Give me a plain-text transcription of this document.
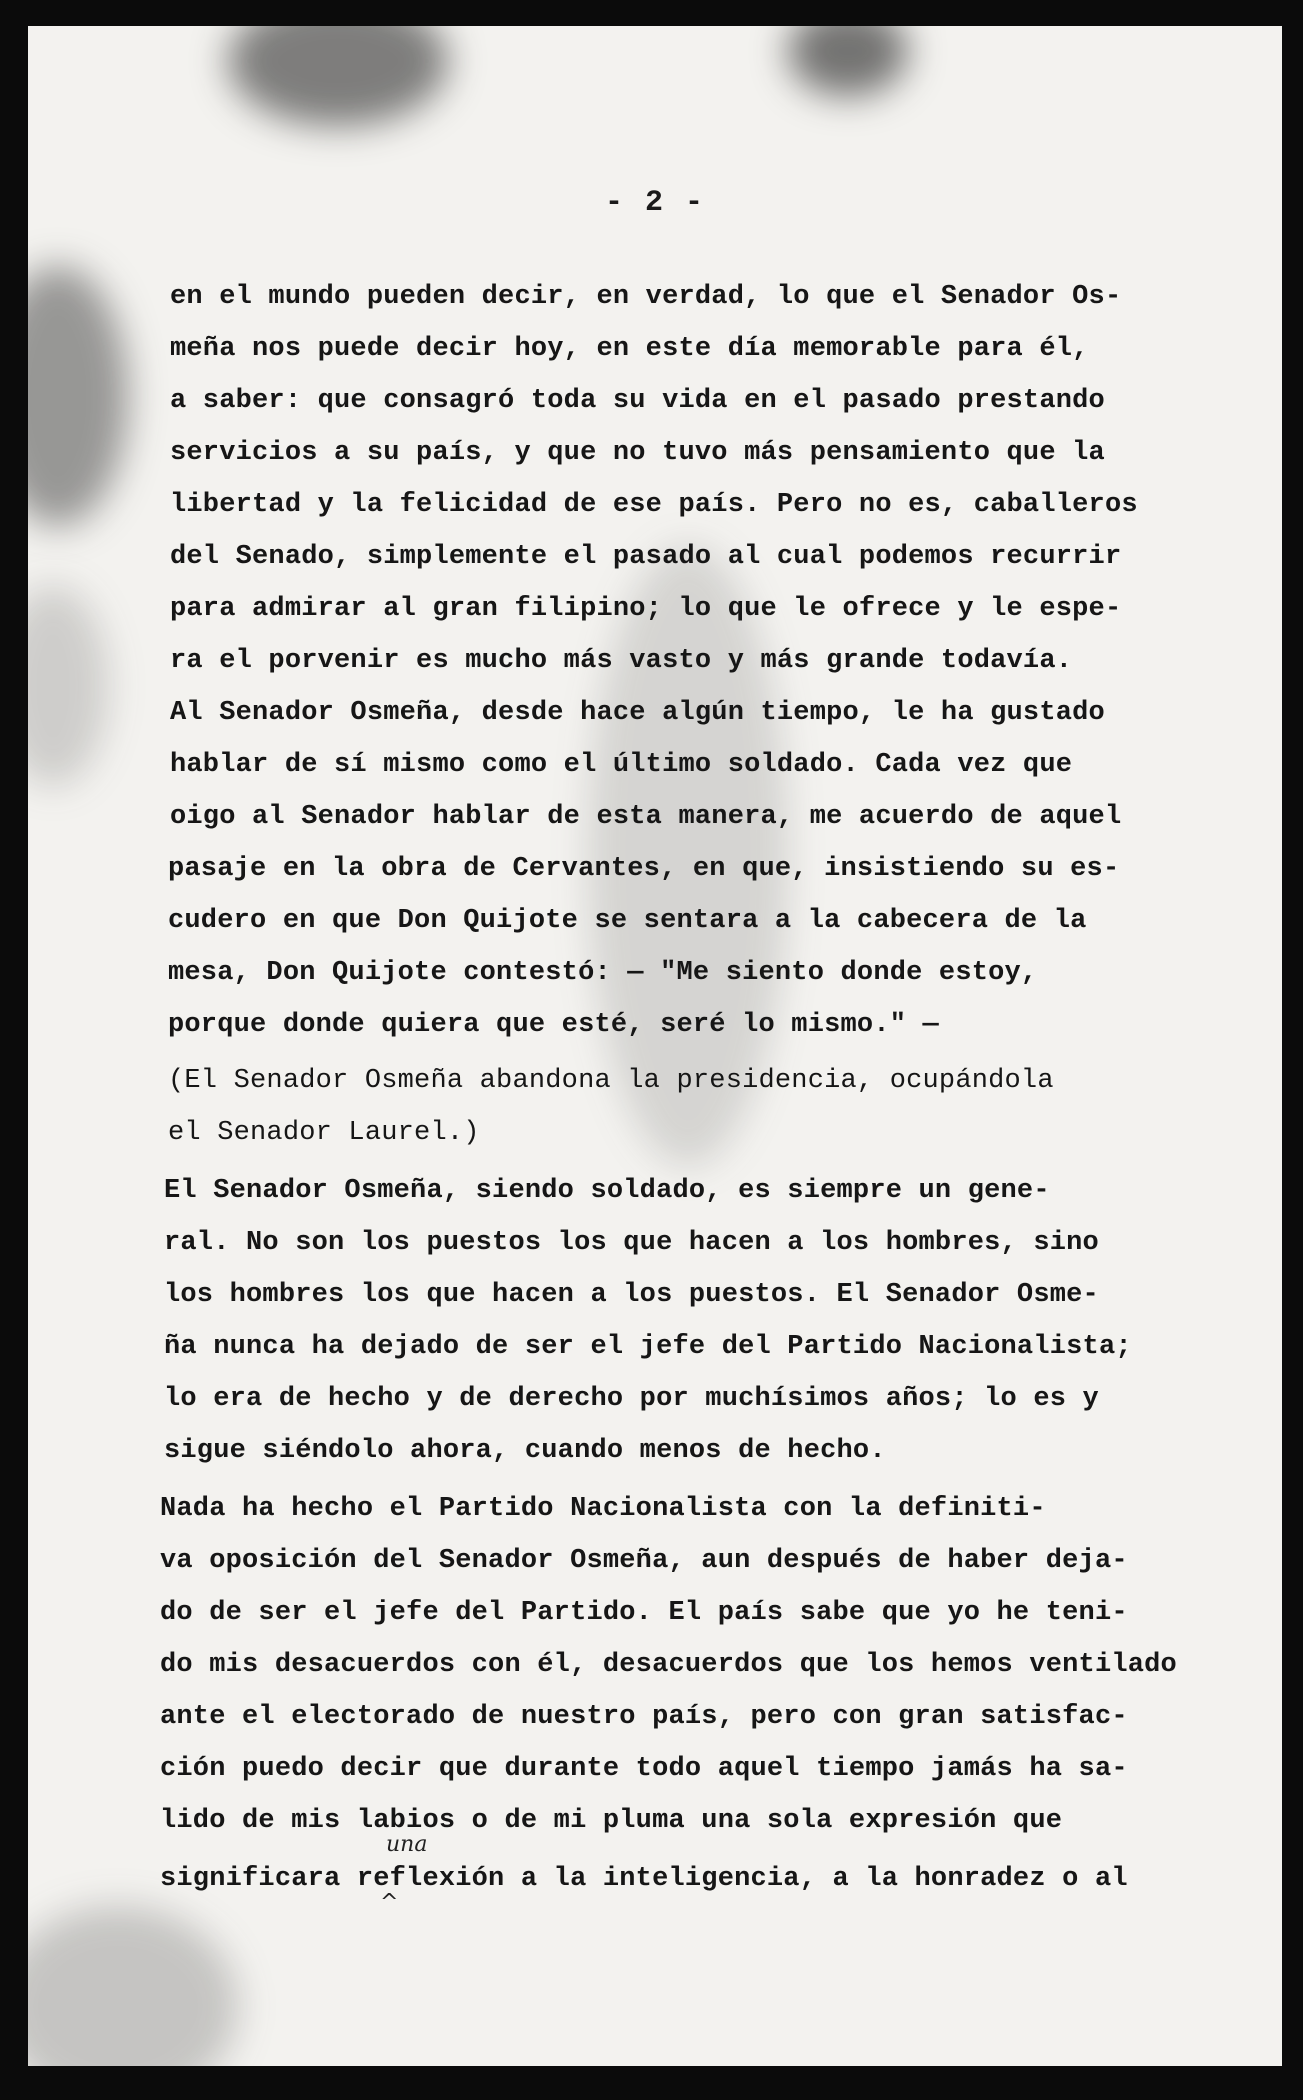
- 2 -
en el mundo pueden decir, en verdad, lo que el Senador Os-
meña nos puede decir hoy, en este día memorable para él,
a saber: que consagró toda su vida en el pasado prestando
servicios a su país, y que no tuvo más pensamiento que la
libertad y la felicidad de ese país. Pero no es, caballeros
del Senado, simplemente el pasado al cual podemos recurrir
para admirar al gran filipino; lo que le ofrece y le espe-
ra el porvenir es mucho más vasto y más grande todavía.
Al Senador Osmeña, desde hace algún tiempo, le ha gustado
hablar de sí mismo como el último soldado. Cada vez que
oigo al Senador hablar de esta manera, me acuerdo de aquel
pasaje en la obra de Cervantes, en que, insistiendo su es-
cudero en que Don Quijote se sentara a la cabecera de la
mesa, Don Quijote contestó: — "Me siento donde estoy,
porque donde quiera que esté, seré lo mismo." —
(El Senador Osmeña abandona la presidencia, ocupándola
el Senador Laurel.)
El Senador Osmeña, siendo soldado, es siempre un gene-
ral. No son los puestos los que hacen a los hombres, sino
los hombres los que hacen a los puestos. El Senador Osme-
ña nunca ha dejado de ser el jefe del Partido Nacionalista;
lo era de hecho y de derecho por muchísimos años; lo es y
sigue siéndolo ahora, cuando menos de hecho.
Nada ha hecho el Partido Nacionalista con la definiti-
va oposición del Senador Osmeña, aun después de haber deja-
do de ser el jefe del Partido. El país sabe que yo he teni-
do mis desacuerdos con él, desacuerdos que los hemos ventilado
ante el electorado de nuestro país, pero con gran satisfac-
ción puedo decir que durante todo aquel tiempo jamás ha sa-
lido de mis labios o de mi pluma una sola expresión que
significara reflexión a la inteligencia, a la honradez o al
una
^
